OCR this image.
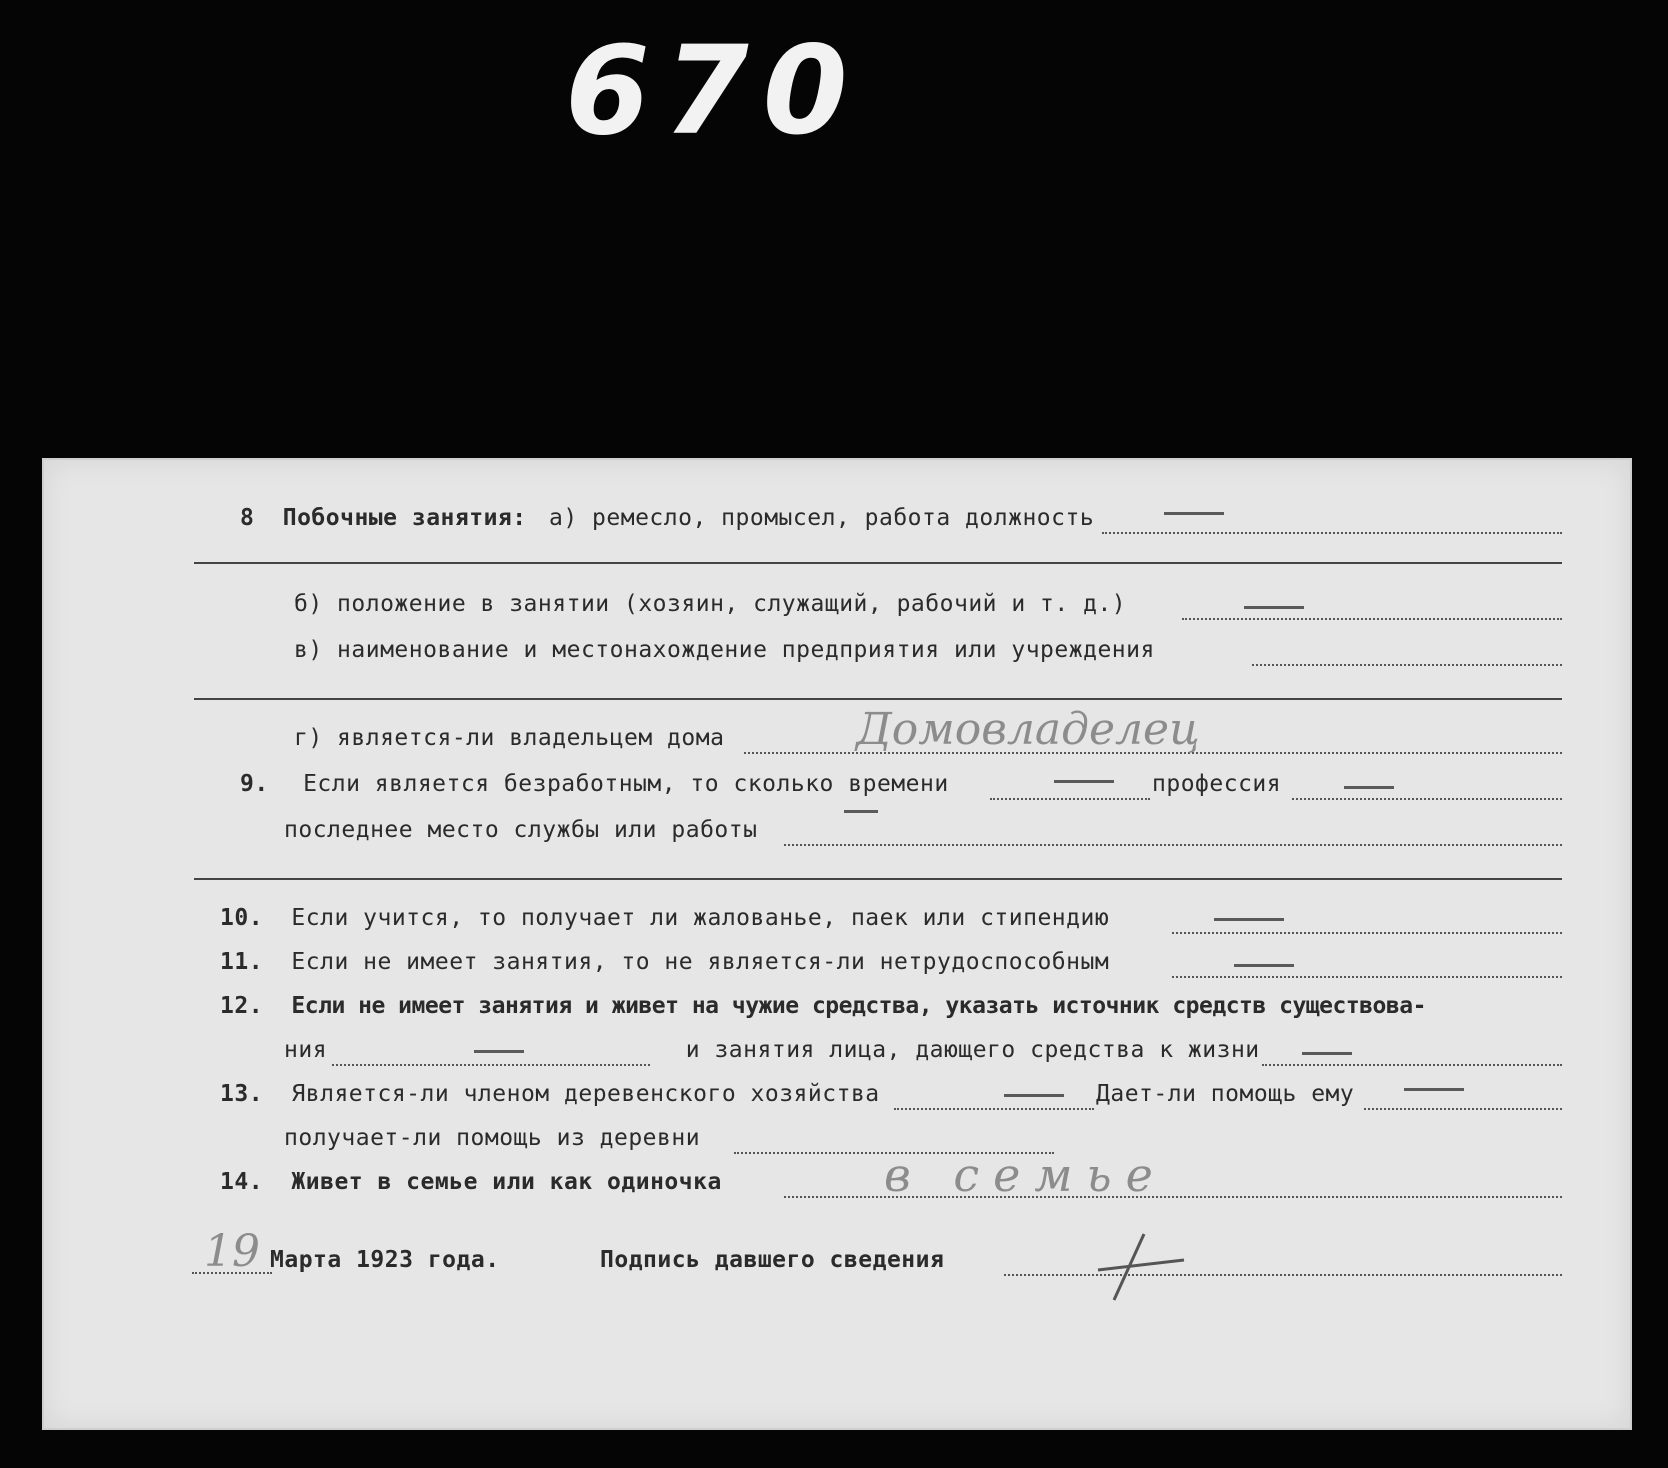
670
8 Побочные занятия: а) ремесло, промысел, работа должность
б) положение в занятии (хозяин, служащий, рабочий и т. д.)
в) наименование и местонахождение предприятия или учреждения
г) является-ли владельцем дома	Домовладелец
9. Если является безработным, то сколько времени	профессия
последнее место службы или работы
10. Если учится, то получает ли жалованье, паек или стипендию
11. Если не имеет занятия, то не является-ли нетрудоспособным
12. Если не имеет занятия и живет на чужие средства, указать источник средств существова-
ния	и занятия лица, дающего средства к жизни
13. Является-ли членом деревенского хозяйства	Дает-ли помощь ему
получает-ли помощь из деревни
14. Живет в семье или как одиночка	в семье
19 Марта 1923 года.	Подпись давшего сведения
